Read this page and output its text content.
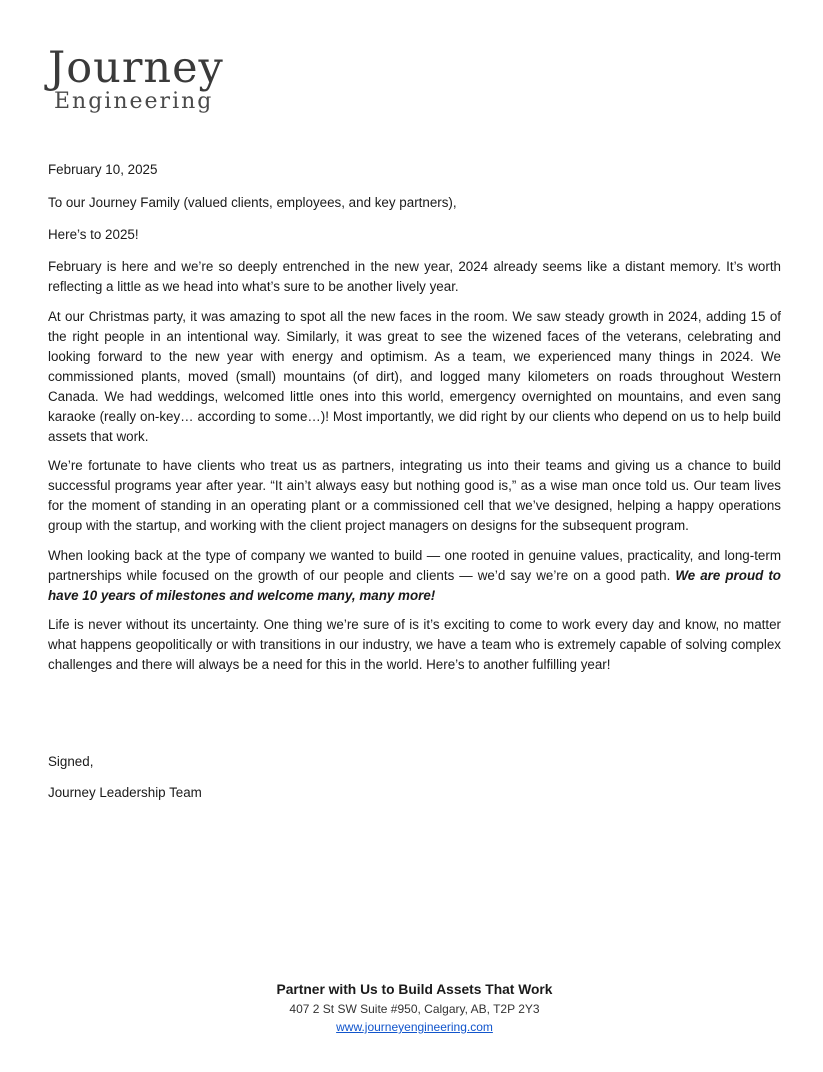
Journey
Engineering

February 10, 2025

To our Journey Family (valued clients, employees, and key partners),

Here’s to 2025!

February is here and we’re so deeply entrenched in the new year, 2024 already seems like a distant memory. It’s worth reflecting a little as we head into what’s sure to be another lively year.

At our Christmas party, it was amazing to spot all the new faces in the room. We saw steady growth in 2024, adding 15 of the right people in an intentional way. Similarly, it was great to see the wizened faces of the veterans, celebrating and looking forward to the new year with energy and optimism. As a team, we experienced many things in 2024. We commissioned plants, moved (small) mountains (of dirt), and logged many kilometers on roads throughout Western Canada. We had weddings, welcomed little ones into this world, emergency overnighted on mountains, and even sang karaoke (really on-key… according to some…)! Most importantly, we did right by our clients who depend on us to help build assets that work.

We’re fortunate to have clients who treat us as partners, integrating us into their teams and giving us a chance to build successful programs year after year. “It ain’t always easy but nothing good is,” as a wise man once told us. Our team lives for the moment of standing in an operating plant or a commissioned cell that we’ve designed, helping a happy operations group with the startup, and working with the client project managers on designs for the subsequent program.

When looking back at the type of company we wanted to build — one rooted in genuine values, practicality, and long-term partnerships while focused on the growth of our people and clients — we’d say we’re on a good path. We are proud to have 10 years of milestones and welcome many, many more!

Life is never without its uncertainty. One thing we’re sure of is it’s exciting to come to work every day and know, no matter what happens geopolitically or with transitions in our industry, we have a team who is extremely capable of solving complex challenges and there will always be a need for this in the world. Here’s to another fulfilling year!

Signed,
Journey Leadership Team
Partner with Us to Build Assets That Work
407 2 St SW Suite #950, Calgary, AB, T2P 2Y3
www.journeyengineering.com
